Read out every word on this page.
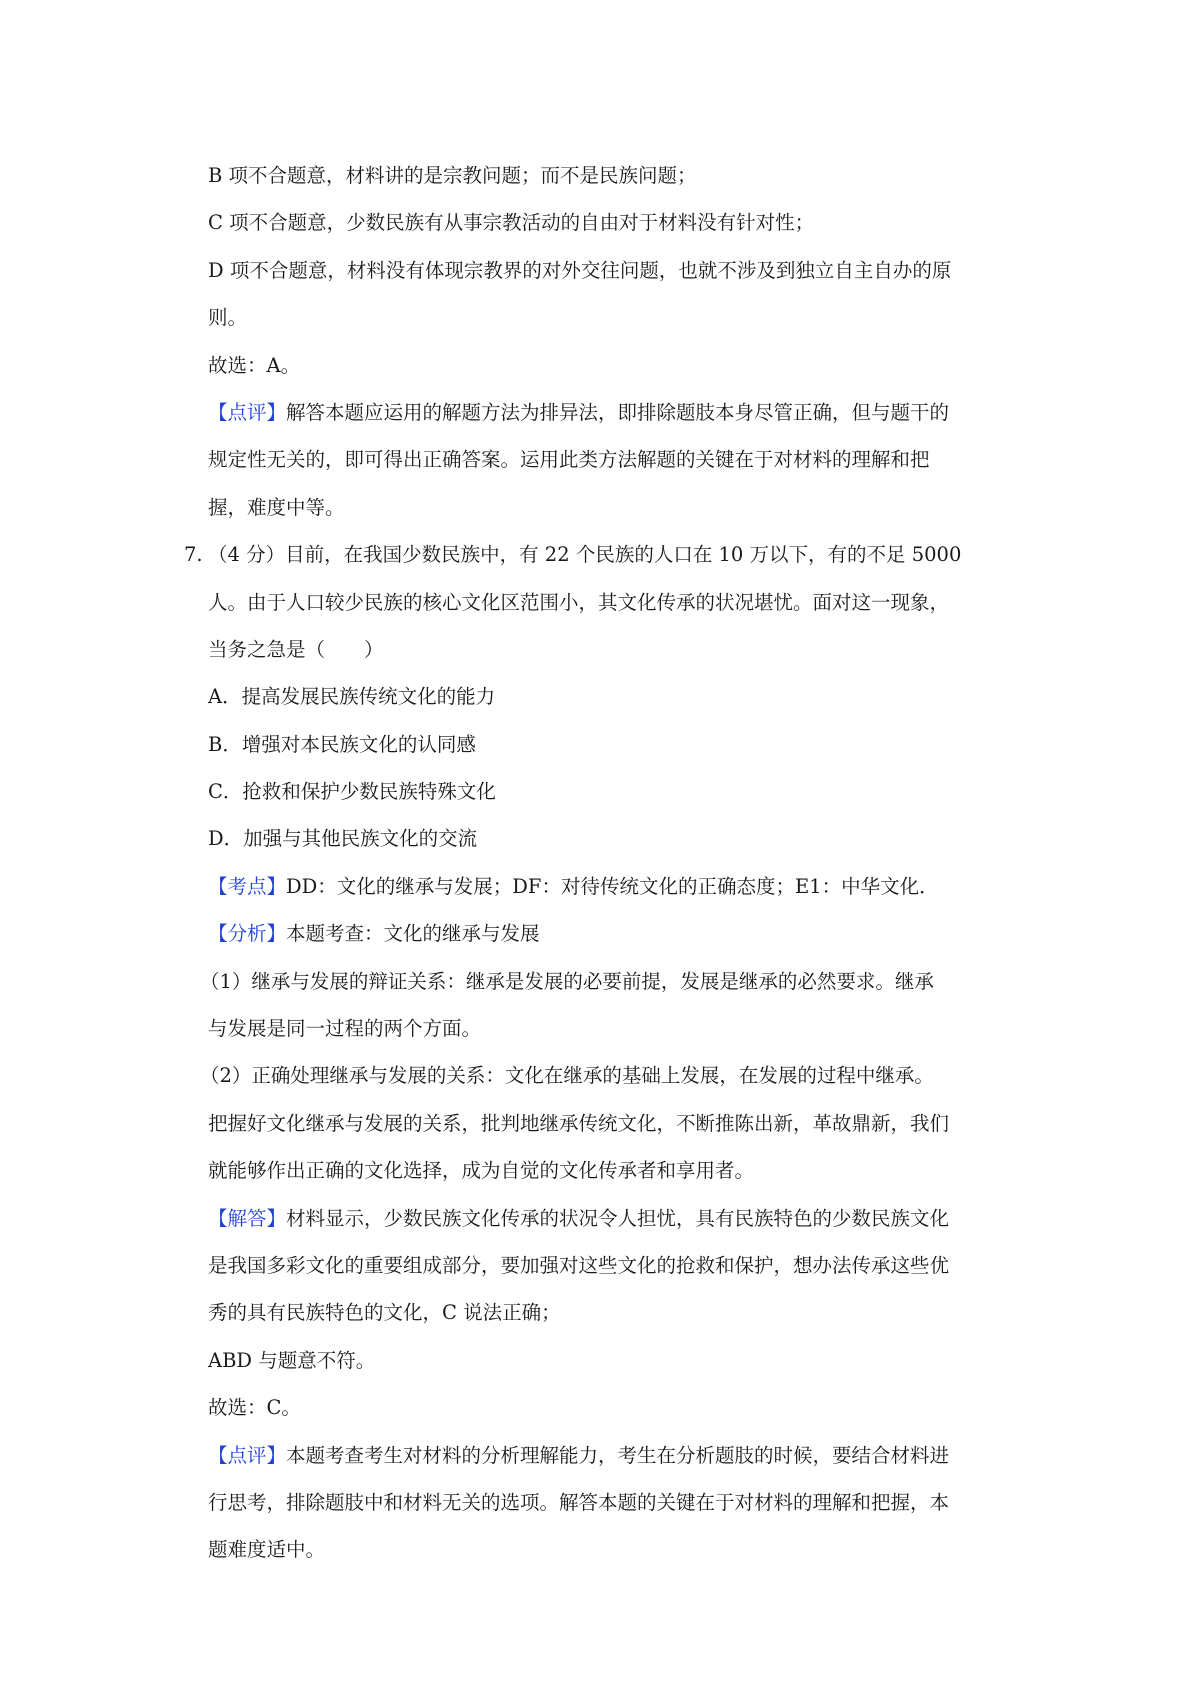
B 项不合题意，材料讲的是宗教问题；而不是民族问题；
C 项不合题意，少数民族有从事宗教活动的自由对于材料没有针对性；
D 项不合题意，材料没有体现宗教界的对外交往问题，也就不涉及到独立自主自办的原
则。
故选：A。
【点评】解答本题应运用的解题方法为排异法，即排除题肢本身尽管正确，但与题干的
规定性无关的，即可得出正确答案。运用此类方法解题的关键在于对材料的理解和把
握，难度中等。
7. （4 分）目前，在我国少数民族中，有 22 个民族的人口在 10 万以下，有的不足 5000
人。由于人口较少民族的核心文化区范围小，其文化传承的状况堪忧。面对这一现象，
当务之急是（　　）
A．提高发展民族传统文化的能力
B．增强对本民族文化的认同感
C．抢救和保护少数民族特殊文化
D．加强与其他民族文化的交流
【考点】DD：文化的继承与发展；DF：对待传统文化的正确态度；E1：中华文化．
【分析】本题考查：文化的继承与发展
（1）继承与发展的辩证关系：继承是发展的必要前提，发展是继承的必然要求。继承
与发展是同一过程的两个方面。
（2）正确处理继承与发展的关系：文化在继承的基础上发展，在发展的过程中继承。
把握好文化继承与发展的关系，批判地继承传统文化，不断推陈出新，革故鼎新，我们
就能够作出正确的文化选择，成为自觉的文化传承者和享用者。
【解答】材料显示，少数民族文化传承的状况令人担忧，具有民族特色的少数民族文化
是我国多彩文化的重要组成部分，要加强对这些文化的抢救和保护，想办法传承这些优
秀的具有民族特色的文化，C 说法正确；
ABD 与题意不符。
故选：C。
【点评】本题考查考生对材料的分析理解能力，考生在分析题肢的时候，要结合材料进
行思考，排除题肢中和材料无关的选项。解答本题的关键在于对材料的理解和把握，本
题难度适中。
